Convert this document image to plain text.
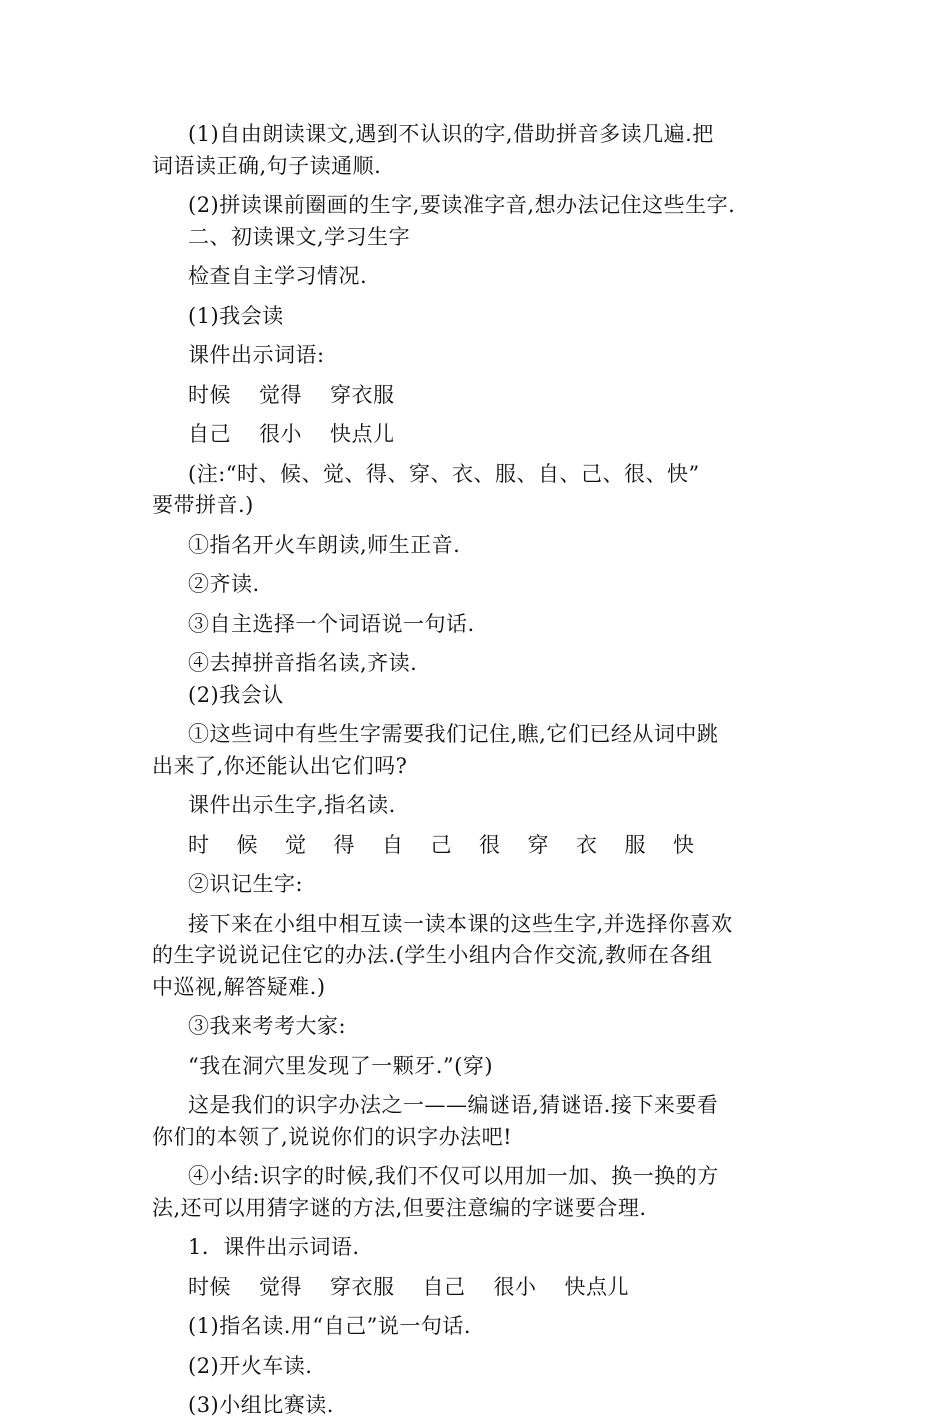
(1)自由朗读课文,遇到不认识的字,借助拼音多读几遍.把

词语读正确,句子读通顺.

(2)拼读课前圈画的生字,要读准字音,想办法记住这些生字.

二、初读课文,学习生字

检查自主学习情况.

(1)我会读

课件出示词语:

时候 觉得 穿衣服

自己 很小 快点儿

(注:“时、候、觉、得、穿、衣、服、自、己、很、快”

要带拼音.)

①指名开火车朗读,师生正音.

②齐读.

③自主选择一个词语说一句话.

④去掉拼音指名读,齐读.

(2)我会认

①这些词中有些生字需要我们记住,瞧,它们已经从词中跳

出来了,你还能认出它们吗?

课件出示生字,指名读.

时 候 觉 得 自 己 很 穿 衣 服 快

②识记生字:

接下来在小组中相互读一读本课的这些生字,并选择你喜欢

的生字说说记住它的办法.(学生小组内合作交流,教师在各组

中巡视,解答疑难.)

③我来考考大家:

“我在洞穴里发现了一颗牙.”(穿)

这是我们的识字办法之一——编谜语,猜谜语.接下来要看

你们的本领了,说说你们的识字办法吧!

④小结:识字的时候,我们不仅可以用加一加、换一换的方

法,还可以用猜字谜的方法,但要注意编的字谜要合理.

1．课件出示词语.

时候 觉得 穿衣服 自己 很小 快点儿

(1)指名读.用“自己”说一句话.

(2)开火车读.

(3)小组比赛读.
